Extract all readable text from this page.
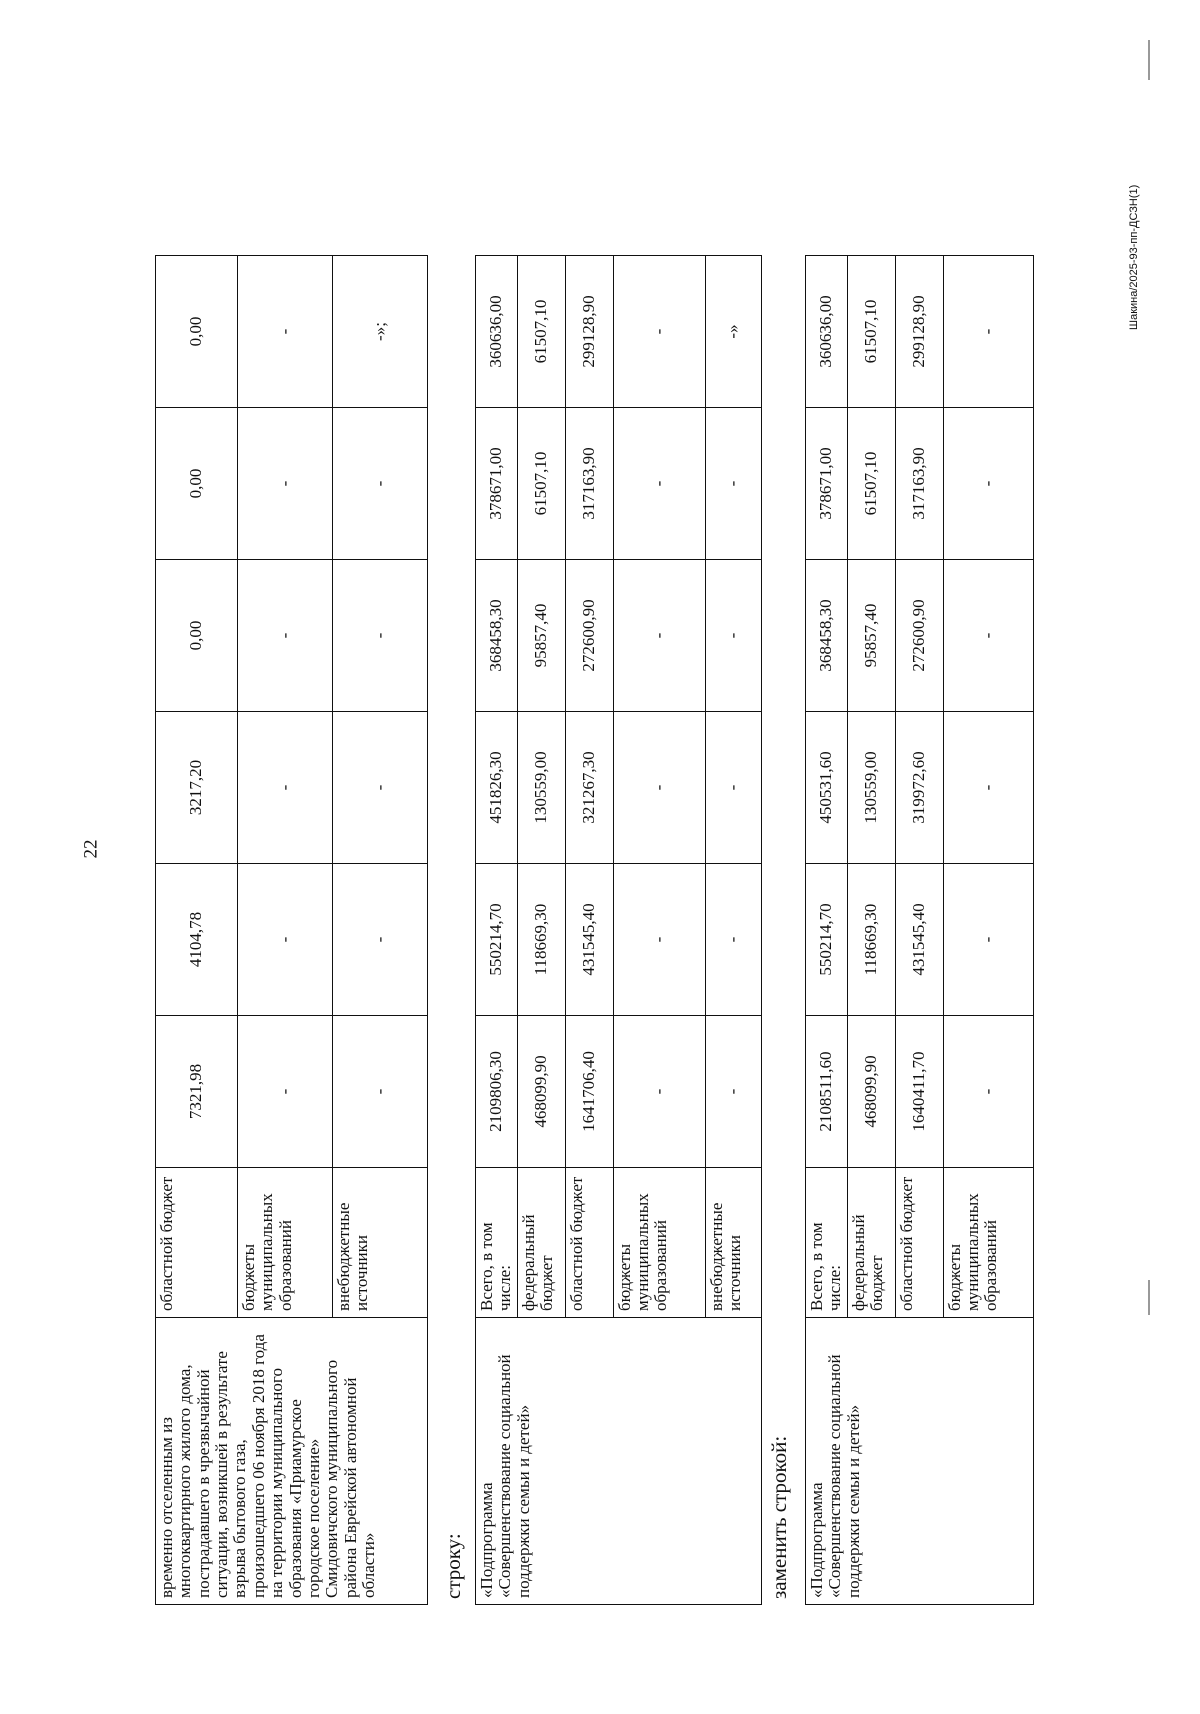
22
Шакина/2025-93-пп-ДСЗН(1)
временно отселенным из многоквартирного жилого дома, пострадавшего в чрезвычайной ситуации, возникшей в результате взрыва бытового газа, произошедшего 06 ноября 2018 года на территории муниципального образования «Приамурское городское поселение» Смидовичского муниципального района Еврейской автономной области»	областной бюджет	7321,98	4104,78	3217,20	0,00	0,00	0,00
	бюджеты муниципальных образований	-	-	-	-	-	-
	внебюджетные источники	-	-	-	-	-	-»;
строку: «Подпрограмма «Совершенствование социальной поддержки семьи и детей»	Всего, в том числе:	2109806,30	550214,70	451826,30	368458,30	378671,00	360636,00
	федеральный бюджет	468099,90	118669,30	130559,00	95857,40	61507,10	61507,10
	областной бюджет	1641706,40	431545,40	321267,30	272600,90	317163,90	299128,90
	бюджеты муниципальных образований	-	-	-	-	-	-
	внебюджетные источники	-	-	-	-	-	-»
заменить строкой: «Подпрограмма «Совершенствование социальной поддержки семьи и детей»	Всего, в том числе:	2108511,60	550214,70	450531,60	368458,30	378671,00	360636,00
	федеральный бюджет	468099,90	118669,30	130559,00	95857,40	61507,10	61507,10
	областной бюджет	1640411,70	431545,40	319972,60	272600,90	317163,90	299128,90
	бюджеты муниципальных образований	-	-	-	-	-	-
